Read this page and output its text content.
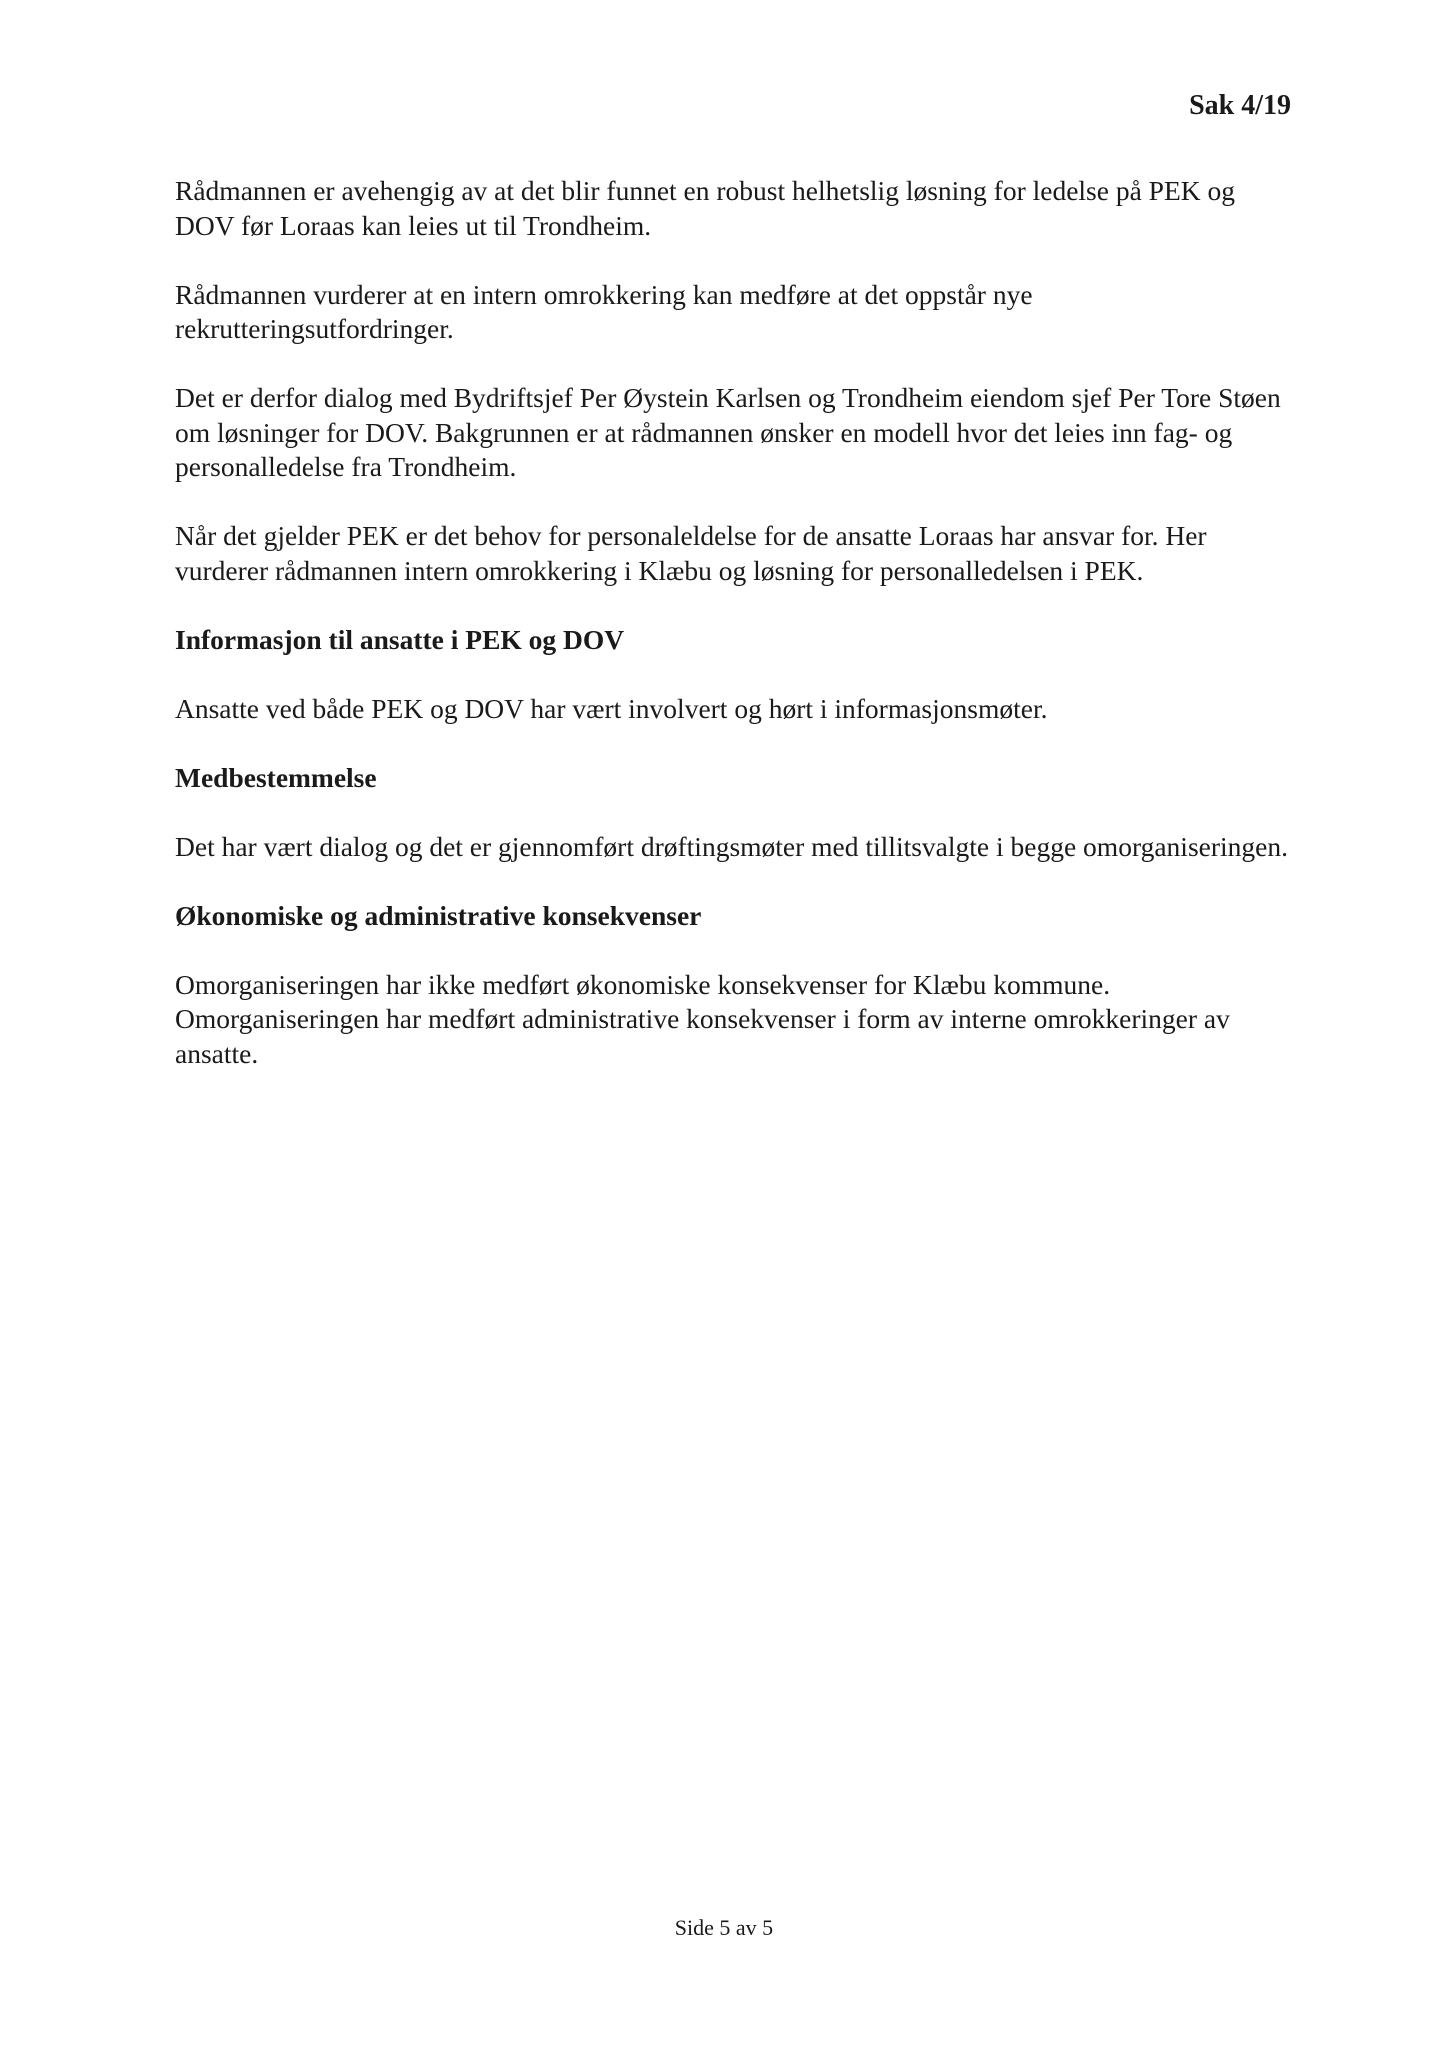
Sak 4/19

Rådmannen er avehengig av at det blir funnet en robust helhetslig løsning for ledelse på PEK og DOV før Loraas kan leies ut til Trondheim.

Rådmannen vurderer at en intern omrokkering kan medføre at det oppstår nye rekrutteringsutfordringer.

Det er derfor dialog med Bydriftsjef Per Øystein Karlsen og Trondheim eiendom sjef Per Tore Støen om løsninger for DOV. Bakgrunnen er at rådmannen ønsker en modell hvor det leies inn fag- og personalledelse fra Trondheim.

Når det gjelder PEK er det behov for personaleldelse for de ansatte Loraas har ansvar for. Her vurderer rådmannen intern omrokkering i Klæbu og løsning for personalledelsen i PEK.

Informasjon til ansatte i PEK og DOV

Ansatte ved både PEK og DOV har vært involvert og hørt i informasjonsmøter.

Medbestemmelse

Det har vært dialog og det er gjennomført drøftingsmøter med tillitsvalgte i begge omorganiseringen.

Økonomiske og administrative konsekvenser

Omorganiseringen har ikke medført økonomiske konsekvenser for Klæbu kommune. Omorganiseringen har medført administrative konsekvenser i form av interne omrokkeringer av ansatte.

Side 5 av 5
